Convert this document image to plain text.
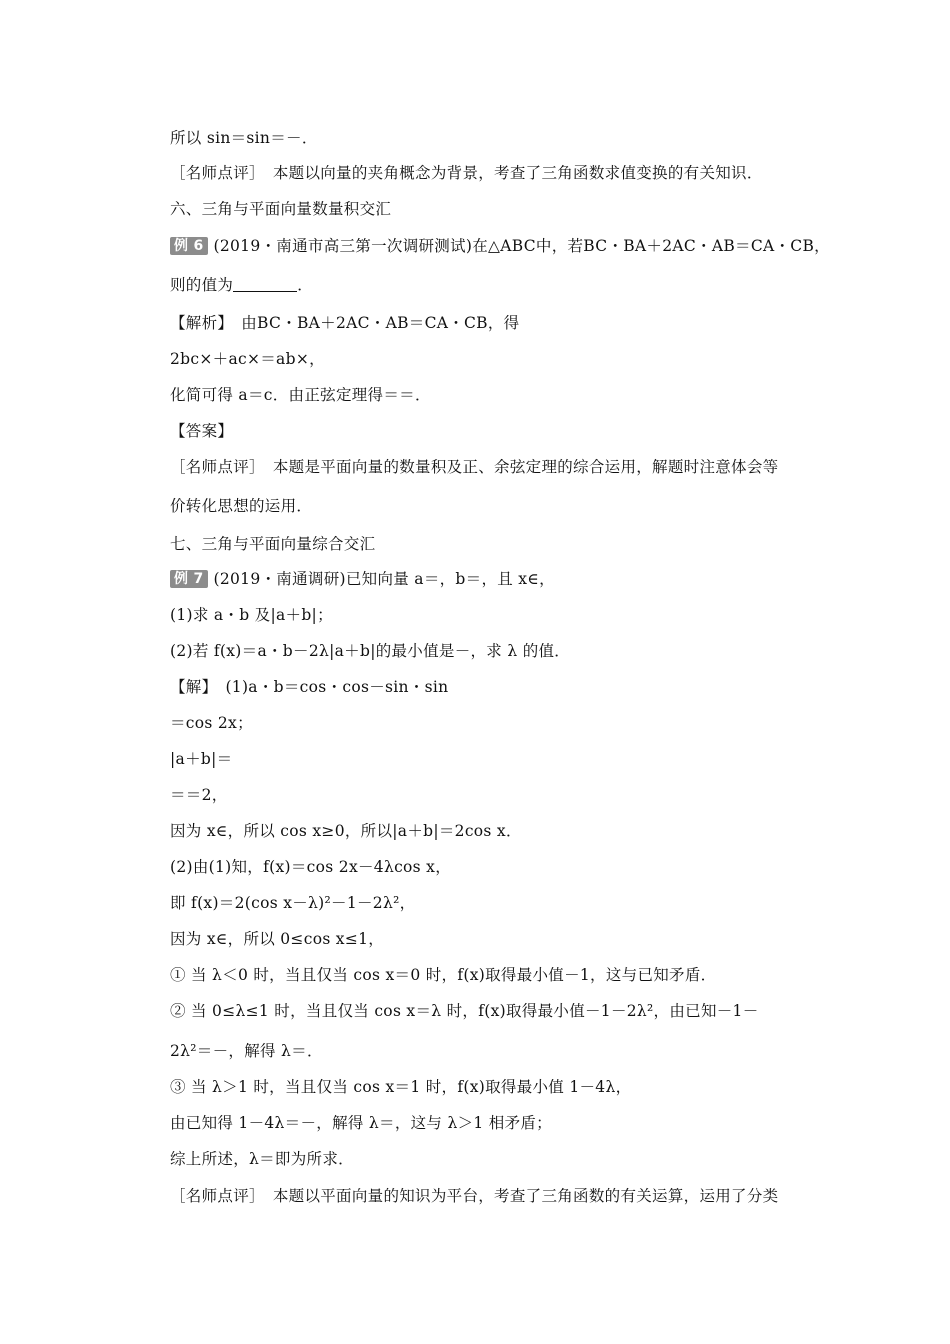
所以 sin＝sin＝－．
［名师点评］　本题以向量的夹角概念为背景，考查了三角函数求值变换的有关知识．
六、三角与平面向量数量积交汇
例 6 (2019・南通市高三第一次调研测试)在△ABC中，若BC・BA＋2AC・AB＝CA・CB，
则的值为	．
【解析】　由BC・BA＋2AC・AB＝CA・CB，得
2bc×＋ac×＝ab×，
化简可得 a＝c．由正弦定理得＝＝．
【答案】
［名师点评］　本题是平面向量的数量积及正、余弦定理的综合运用，解题时注意体会等
价转化思想的运用．
七、三角与平面向量综合交汇
例 7 (2019・南通调研)已知向量 a＝，b＝，且 x∈，
(1)求 a・b 及|a＋b|；
(2)若 f(x)＝a・b－2λ|a＋b|的最小值是－，求 λ 的值．
【解】　(1)a・b＝cos・cos－sin・sin
＝cos 2x；
|a＋b|＝
＝＝2，
因为 x∈，所以 cos x≥0，所以|a＋b|＝2cos x．
(2)由(1)知，f(x)＝cos 2x－4λcos x，
即 f(x)＝2(cos x－λ)²－1－2λ²，
因为 x∈，所以 0≤cos x≤1，
① 当 λ＜0 时，当且仅当 cos x＝0 时，f(x)取得最小值－1，这与已知矛盾．
② 当 0≤λ≤1 时，当且仅当 cos x＝λ 时，f(x)取得最小值－1－2λ²，由已知－1－
2λ²＝－，解得 λ＝．
③ 当 λ＞1 时，当且仅当 cos x＝1 时，f(x)取得最小值 1－4λ，
由已知得 1－4λ＝－，解得 λ＝，这与 λ＞1 相矛盾；
综上所述，λ＝即为所求．
［名师点评］　本题以平面向量的知识为平台，考查了三角函数的有关运算，运用了分类
